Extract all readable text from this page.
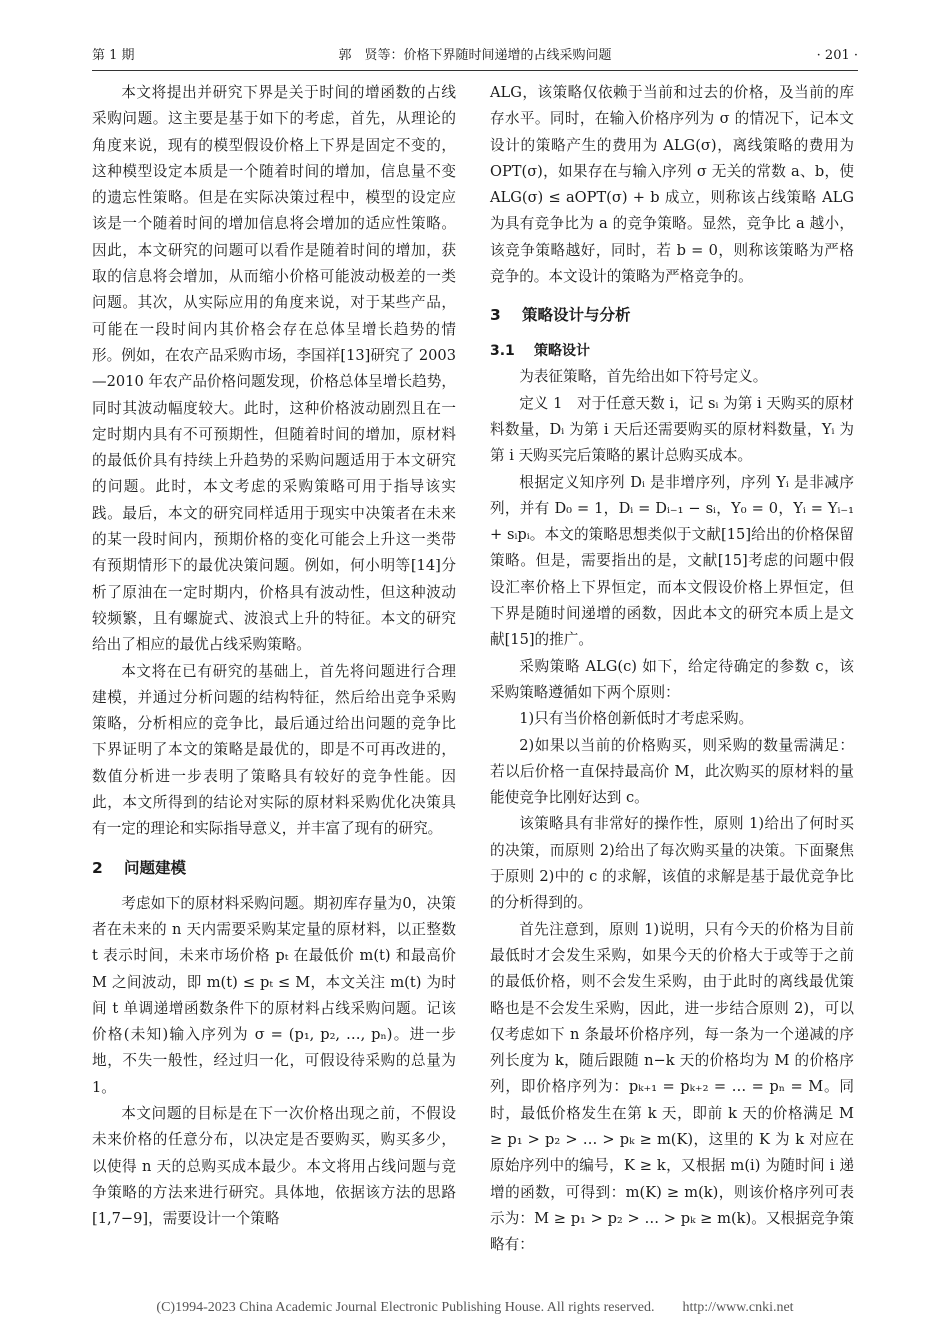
第 1 期	郭　贤等：价格下界随时间递增的占线采购问题	· 201 ·

本文将提出并研究下界是关于时间的增函数的占线采购问题。这主要是基于如下的考虑，首先，从理论的角度来说，现有的模型假设价格上下界是固定不变的，这种模型设定本质是一个随着时间的增加，信息量不变的遗忘性策略。但是在实际决策过程中，模型的设定应该是一个随着时间的增加信息将会增加的适应性策略。因此，本文研究的问题可以看作是随着时间的增加，获取的信息将会增加，从而缩小价格可能波动极差的一类问题。其次，从实际应用的角度来说，对于某些产品，可能在一段时间内其价格会存在总体呈增长趋势的情形。例如，在农产品采购市场，李国祥[13]研究了 2003—2010 年农产品价格问题发现，价格总体呈增长趋势，同时其波动幅度较大。此时，这种价格波动剧烈且在一定时期内具有不可预期性，但随着时间的增加，原材料的最低价具有持续上升趋势的采购问题适用于本文研究的问题。此时，本文考虑的采购策略可用于指导该实践。最后，本文的研究同样适用于现实中决策者在未来的某一段时间内，预期价格的变化可能会上升这一类带有预期情形下的最优决策问题。例如，何小明等[14]分析了原油在一定时期内，价格具有波动性，但这种波动较频繁，且有螺旋式、波浪式上升的特征。本文的研究给出了相应的最优占线采购策略。

本文将在已有研究的基础上，首先将问题进行合理建模，并通过分析问题的结构特征，然后给出竞争采购策略，分析相应的竞争比，最后通过给出问题的竞争比下界证明了本文的策略是最优的，即是不可再改进的，数值分析进一步表明了策略具有较好的竞争性能。因此，本文所得到的结论对实际的原材料采购优化决策具有一定的理论和实际指导意义，并丰富了现有的研究。

2 问题建模

考虑如下的原材料采购问题。期初库存量为0，决策者在未来的 n 天内需要采购某定量的原材料，以正整数 t 表示时间，未来市场价格 pₜ 在最低价 m(t) 和最高价 M 之间波动，即 m(t) ≤ pₜ ≤ M，本文关注 m(t) 为时间 t 单调递增函数条件下的原材料占线采购问题。记该价格(未知)输入序列为 σ = (p₁, p₂, …, pₙ)。进一步地，不失一般性，经过归一化，可假设待采购的总量为 1。

本文问题的目标是在下一次价格出现之前，不假设未来价格的任意分布，以决定是否要购买，购买多少，以使得 n 天的总购买成本最少。本文将用占线问题与竞争策略的方法来进行研究。具体地，依据该方法的思路[1,7−9]，需要设计一个策略

ALG，该策略仅依赖于当前和过去的价格，及当前的库存水平。同时，在输入价格序列为 σ 的情况下，记本文设计的策略产生的费用为 ALG(σ)，离线策略的费用为 OPT(σ)，如果存在与输入序列 σ 无关的常数 a、b，使 ALG(σ) ≤ aOPT(σ) + b 成立，则称该占线策略 ALG 为具有竞争比为 a 的竞争策略。显然，竞争比 a 越小，该竞争策略越好，同时，若 b = 0，则称该策略为严格竞争的。本文设计的策略为严格竞争的。

3 策略设计与分析
3.1 策略设计

为表征策略，首先给出如下符号定义。

定义 1　对于任意天数 i，记 sᵢ 为第 i 天购买的原材料数量，Dᵢ 为第 i 天后还需要购买的原材料数量，Yᵢ 为第 i 天购买完后策略的累计总购买成本。

根据定义知序列 Dᵢ 是非增序列，序列 Yᵢ 是非减序列，并有 D₀ = 1，Dᵢ = Dᵢ₋₁ − sᵢ，Y₀ = 0，Yᵢ = Yᵢ₋₁ + sᵢpᵢ。本文的策略思想类似于文献[15]给出的价格保留策略。但是，需要指出的是，文献[15]考虑的问题中假设汇率价格上下界恒定，而本文假设价格上界恒定，但下界是随时间递增的函数，因此本文的研究本质上是文献[15]的推广。

采购策略 ALG(c) 如下，给定待确定的参数 c，该采购策略遵循如下两个原则：

1)只有当价格创新低时才考虑采购。

2)如果以当前的价格购买，则采购的数量需满足：若以后价格一直保持最高价 M，此次购买的原材料的量能使竞争比刚好达到 c。

该策略具有非常好的操作性，原则 1)给出了何时买的决策，而原则 2)给出了每次购买量的决策。下面聚焦于原则 2)中的 c 的求解，该值的求解是基于最优竞争比的分析得到的。

首先注意到，原则 1)说明，只有今天的价格为目前最低时才会发生采购，如果今天的价格大于或等于之前的最低价格，则不会发生采购，由于此时的离线最优策略也是不会发生采购，因此，进一步结合原则 2)，可以仅考虑如下 n 条最坏价格序列，每一条为一个递减的序列长度为 k，随后跟随 n−k 天的价格均为 M 的价格序列，即价格序列为：pₖ₊₁ = pₖ₊₂ = … = pₙ = M。同时，最低价格发生在第 k 天，即前 k 天的价格满足 M ≥ p₁ > p₂ > … > pₖ ≥ m(K)，这里的 K 为 k 对应在原始序列中的编号，K ≥ k，又根据 m(i) 为随时间 i 递增的函数，可得到：m(K) ≥ m(k)，则该价格序列可表示为：M ≥ p₁ > p₂ > … > pₖ ≥ m(k)。又根据竞争策略有：

(C)1994-2023 China Academic Journal Electronic Publishing House. All rights reserved.　　http://www.cnki.net
